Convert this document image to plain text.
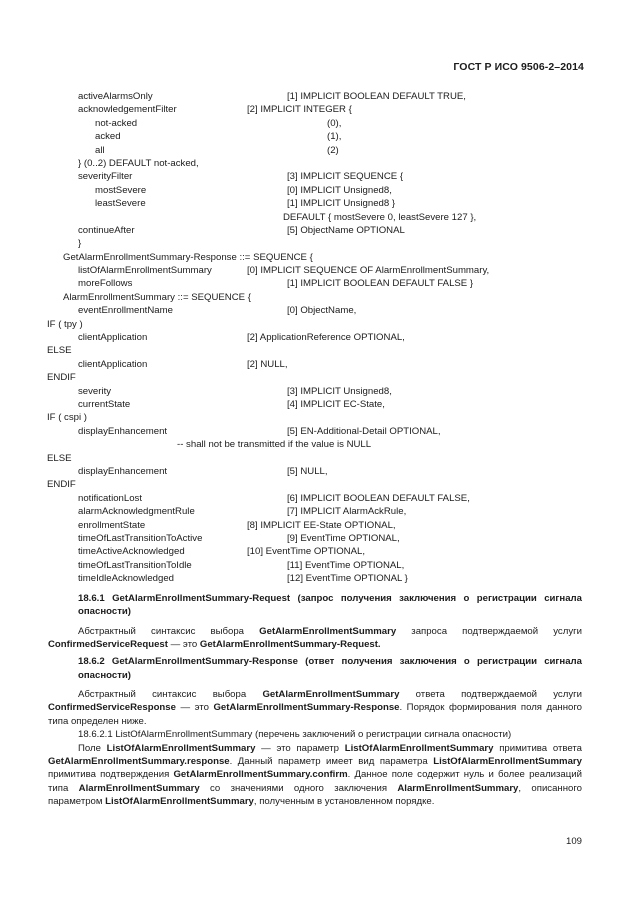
ГОСТ Р ИСО 9506-2–2014
activeAlarmsOnly	[1] IMPLICIT BOOLEAN DEFAULT TRUE,
acknowledgementFilter	[2] IMPLICIT INTEGER {
not-acked	(0),
acked	(1),
all	(2)
} (0..2) DEFAULT not-acked,
severityFilter	[3] IMPLICIT SEQUENCE {
mostSevere	[0] IMPLICIT Unsigned8,
leastSevere	[1] IMPLICIT Unsigned8 }
DEFAULT { mostSevere 0, leastSevere 127 },
continueAfter	[5] ObjectName OPTIONAL
}
GetAlarmEnrollmentSummary-Response ::= SEQUENCE {
listOfAlarmEnrollmentSummary	[0] IMPLICIT SEQUENCE OF AlarmEnrollmentSummary,
moreFollows	[1] IMPLICIT BOOLEAN DEFAULT FALSE }
AlarmEnrollmentSummary ::= SEQUENCE {
eventEnrollmentName	[0] ObjectName,
IF ( tpy )
clientApplication	[2] ApplicationReference OPTIONAL,
ELSE
clientApplication	[2] NULL,
ENDIF
severity	[3] IMPLICIT Unsigned8,
currentState	[4] IMPLICIT EC-State,
IF ( cspi )
displayEnhancement	[5] EN-Additional-Detail OPTIONAL,
-- shall not be transmitted if the value is NULL
ELSE
displayEnhancement	[5] NULL,
ENDIF
notificationLost	[6] IMPLICIT BOOLEAN DEFAULT FALSE,
alarmAcknowledgmentRule	[7] IMPLICIT AlarmAckRule,
enrollmentState	[8] IMPLICIT EE-State OPTIONAL,
timeOfLastTransitionToActive	[9] EventTime OPTIONAL,
timeActiveAcknowledged	[10] EventTime OPTIONAL,
timeOfLastTransitionToIdle	[11] EventTime OPTIONAL,
timeIdleAcknowledged	[12] EventTime OPTIONAL }

18.6.1 GetAlarmEnrollmentSummary-Request (запрос получения заключения о регистрации сигнала опасности)

Абстрактный синтаксис выбора GetAlarmEnrollmentSummary запроса подтверждаемой услуги ConfirmedServiceRequest — это GetAlarmEnrollmentSummary-Request.

18.6.2 GetAlarmEnrollmentSummary-Response (ответ получения заключения о регистрации сигнала опасности)

Абстрактный синтаксис выбора GetAlarmEnrollmentSummary ответа подтверждаемой услуги ConfirmedServiceResponse — это GetAlarmEnrollmentSummary-Response. Порядок формирования поля данного типа определен ниже.

18.6.2.1 ListOfAlarmEnrollmentSummary (перечень заключений о регистрации сигнала опасности)

Поле ListOfAlarmEnrollmentSummary — это параметр ListOfAlarmEnrollmentSummary примитива ответа GetAlarmEnrollmentSummary.response. Данный параметр имеет вид параметра ListOfAlarmEnrollmentSummary примитива подтверждения GetAlarmEnrollmentSummary.confirm. Данное поле содержит нуль и более реализаций типа AlarmEnrollmentSummary со значениями одного заключения AlarmEnrollmentSummary, описанного параметром ListOfAlarmEnrollmentSummary, полученным в установленном порядке.

109
